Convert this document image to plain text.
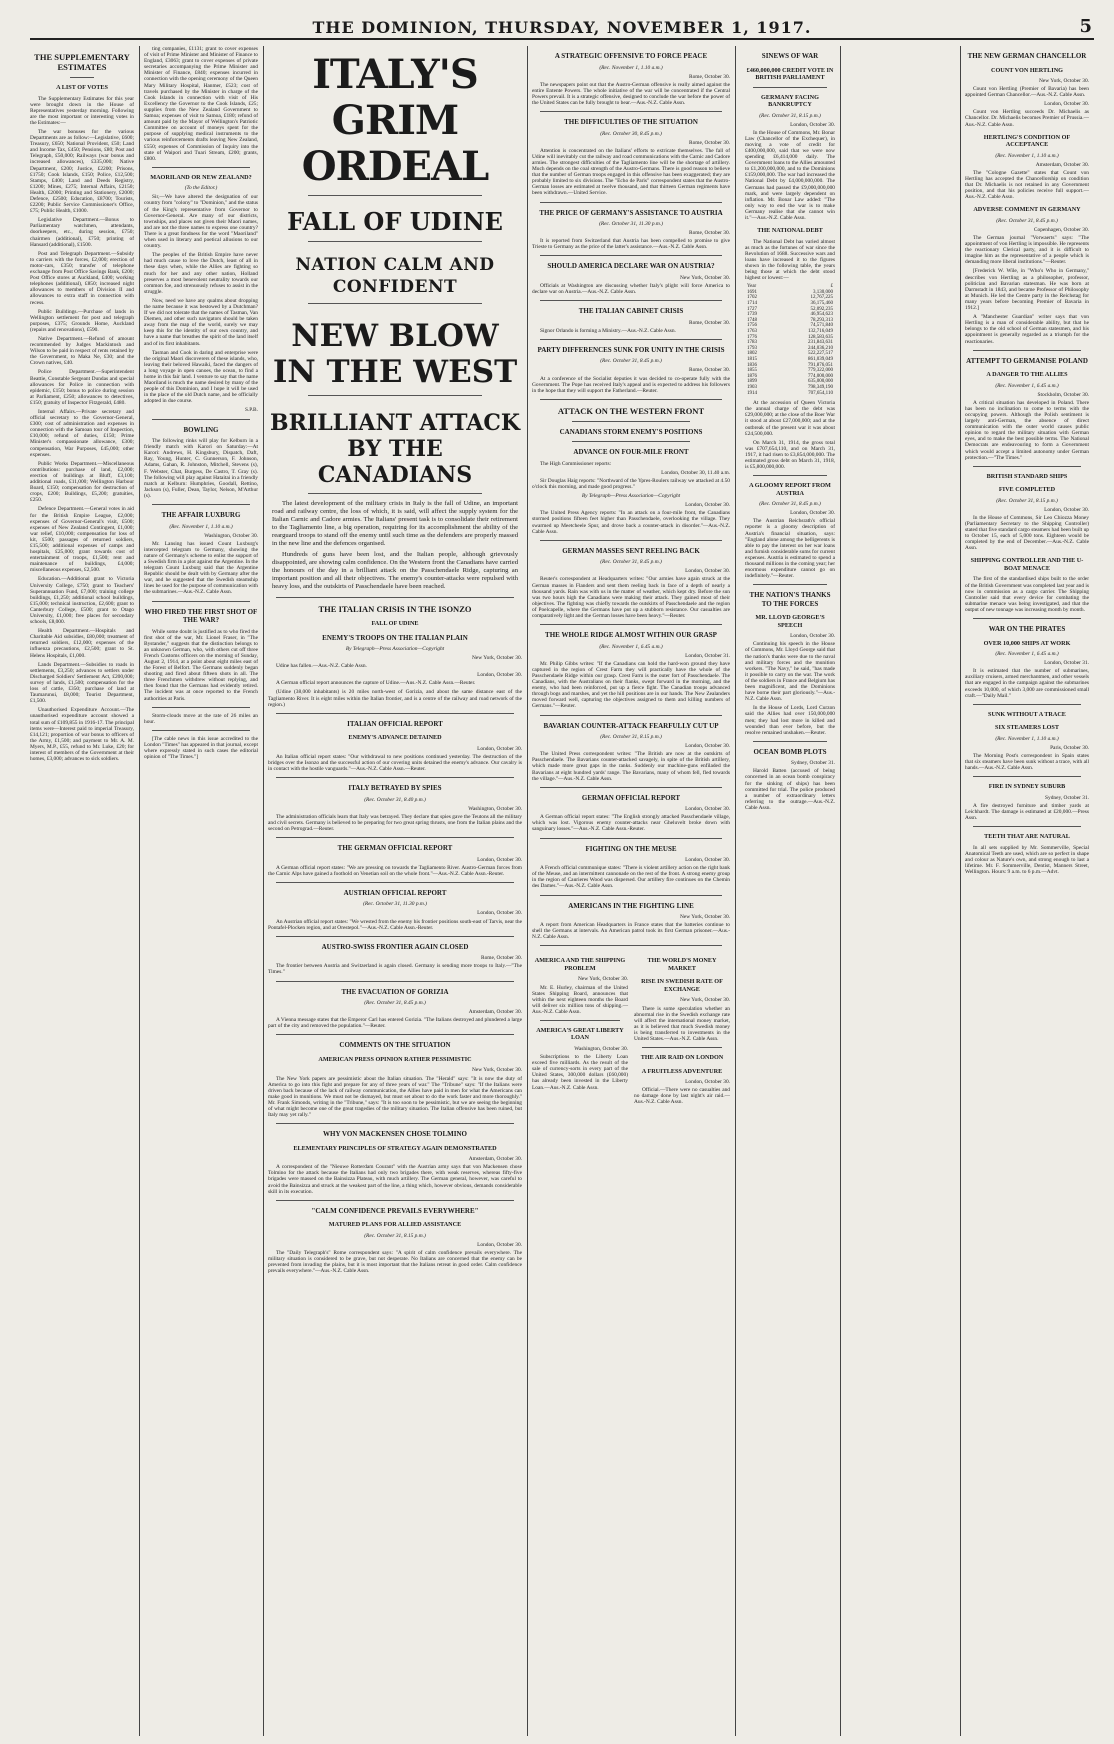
THE DOMINION, THURSDAY, NOVEMBER 1, 1917.	5
THE SUPPLEMENTARY ESTIMATES
A LIST OF VOTES

The Supplementary Estimates for this year were brought down in the House of Representatives yesterday morning. Following are the most important or interesting votes in the Estimates:—

The war bonuses for the various Departments are as follow:—Legislative, £600; Treasury, £650; National Provident, £50; Land and Income Tax, £450; Pensions, £80; Post and Telegraph, £50,000; Railways (war bonus and increased allowances), £335,000; Native Department, £200; Justice, £2200; Prisons, £1750; Cook Islands, £150; Police, £12,500; Stamps, £400; Land and Deeds Registry, £1200; Mines, £275; Internal Affairs, £2150; Health, £2000; Printing and Stationery, £2000; Defence, £2500; Education, £8700; Tourists, £2200; Public Service Commissioner's Office, £75; Public Health, £1000.

Legislative Department.—Bonus to Parliamentary watchmen, attendants, doorkeepers, etc., during session, £750; chairmen (additional), £750; printing of Hansard (additional), £1500.

Post and Telegraph Department.—Subsidy to carriers with the forces, £2,000; erection of motor-cars, £350; transfer of telephone exchange from Post Office Savings Bank, £200; Post Office stores at Auckland, £400; working telephones (additional), £850; increased night allowances to members of Division II and allowances to extra staff in connection with recess.

Public Buildings.—Purchase of lands in Wellington settlement for post and telegraph purposes, £375; Grounds Home, Auckland (repairs and renovations), £590.

Native Department.—Refund of amount recommended by Judges Mackintosh and Wilson to be paid in respect of rents retained by the Government, to Maka Ne, £30; and the Crown natives, £40.

Police Department.—Superintendent Beattie, Constable Sergeant Dundas and special allowances for Police in connection with epidemic, £150; bonus to police during session at Parliament, £250; allowances to detectives, £150; gratuity of Inspector Fitzgerald, £480.

Internal Affairs.—Private secretary and official secretary to the Governor-General, £300; cost of administration and expenses in connection with the Samoan tour of Inspection, £10,000; refund of duties, £150; Prime Minister's compassionate allowance, £300; compensation, War Purposes, £45,000; other expenses.

Public Works Department.—Miscellaneous contributions: purchase of land, £2,000; erection of buildings at Bluff, £3,100; additional roads, £11,000; Wellington Harbour Board, £150; compensation for destruction of crops, £200; Buildings, £5,200; gratuities, £250.

Defence Department.—General votes in aid for the British Empire League, £2,000; expenses of Governor-General's visit, £500; expenses of New Zealand Contingent, £1,000; war relief, £10,000; compensation for loss of kit, £500; passages of returned soldiers, £15,500; additional expenses of camps and hospitals, £25,000; grant towards cost of entertainment of troops, £1,500; rent and maintenance of buildings, £4,000; miscellaneous expenses, £2,500.

Education.—Additional grant to Victoria University College, £750; grant to Teachers' Superannuation Fund, £7,000; training college buildings, £1,250; additional school buildings, £15,000; technical instruction, £2,600; grant to Canterbury College, £500; grant to Otago University, £1,000; free places for secondary schools, £8,000.

Health Department.—Hospitals and Charitable Aid subsidies, £80,000; treatment of returned soldiers, £12,000; expenses of the influenza precautions, £2,500; grant to St. Helens Hospitals, £1,000.

Lands Department.—Subsidies to roads in settlements, £3,250; advances to settlers under Discharged Soldiers' Settlement Act, £200,000; survey of lands, £1,500; compensation for the loss of cattle, £350; purchase of land at Taumarunui, £8,000; Tourist Department, £1,500.

Unauthorised Expenditure Account.—The unauthorised expenditure account showed a total sum of £109,855 in 1916-17. The principal items were—Interest paid to imperial Treasury, £14,121; proportion of war bonus to officers of the Army, £1,500; and payment to Mr. A. M. Myers, M.P., £55, refund to Mr. Luke, £20; for interest of members of the Government at their homes, £3,000; advances to sick soldiers.

ting companies, £1131; grant to cover expenses of visit of Prime Minister and Minister of Finance to England, £3063; grant to cover expenses of private secretaries accompanying the Prime Minister and Minister of Finance, £840; expenses incurred in connection with the opening ceremony of the Queen Mary Military Hospital, Hanmer, £523; cost of travels purchased by the Minister in charge of the Cook Islands in connection with visit of His Excellency the Governor to the Cook Islands, £25; supplies from the New Zealand Government to Samoa; expenses of visit to Samoa, £180; refund of amount paid by the Mayor of Wellington's Patriotic Committee on account of moneys spent for the purpose of supplying medical instruments to the various reinforcements drafts leaving New Zealand, £550; expenses of Commission of Inquiry into the state of Waipori and Tuari Stream, £200; grants, £800.

MAORILAND OR NEW ZEALAND?
(To the Editor.)

Sir,—We have altered the designation of our country from "colony" to "Dominion," and the status of the King's representative from Governor to Governor-General. Are many of our districts, townships, and places not given their Maori names, and are not the three names to express one country? There is a great fondness for the word "Maoriland" when used in literary and poetical allusions to our country.

The peoples of the British Empire have never had much cause to love the Dutch, least of all in these days when, while the Allies are fighting so much for her and any other nation, Holland preserves a most benevolent neutrality towards our common foe, and strenuously refuses to assist in the struggle.

Now, need we have any qualms about dropping the name because it was bestowed by a Dutchman? If we did not tolerate that the names of Tasman, Van Diemen, and other such navigators should be taken away from the map of the world, surely we may keep this for the identity of our own country, and have a name that breathes the spirit of the land itself and of its first inhabitants.

Tasman and Cook in daring and enterprise were the original Maori discoverers of these islands, who, leaving their beloved Hawaiki, faced the dangers of a long voyage in open canoes, the ocean, to find a home in this fair land. I venture to say that the name Maoriland is much the name desired by many of the people of this Dominion, and I hope it will be used in the place of the old Dutch name, and be officially adopted in due course.

S.P.B.
BOWLING

The following rinks will play for Kelburn in a friendly match with Karori on Saturday:—At Karori: Andrews, H. Kingsbury, Dispatch, Daft, Ray, Young, Hunter, C. Gunnerson, F. Johnson, Adams, Gahan, R. Johnston, Mitchell, Stevens (s), F. Webster, Chat, Burgess, De Castro, T. Gray (s). The following will play against Hataitai in a friendly match at Kelburn: Humphries, Goodall, Rettino, Jackson (s), Fuller, Dean, Taylor, Nelson, M'Arthur (s).

THE AFFAIR LUXBURG
(Rec. November 1, 1.10 a.m.)
Washington, October 30.

Mr. Lansing has issued Count Luxburg's intercepted telegram to Germany, showing the nature of Germany's scheme to enlist the support of a Swedish firm in a plot against the Argentine. In the telegram Count Luxburg said that the Argentine Republic should be dealt with by Germany after the war, and he suggested that the Swedish steamship lines be used for the purpose of communication with the submarines.—Aus.-N.Z. Cable Assn.

WHO FIRED THE FIRST SHOT OF THE WAR?

While some doubt is justified as to who fired the first shot of the war, Mr. Lionel Fraser, in "The Bystander," suggests that the distinction belongs to an unknown German, who, with others cut off three French Customs officers on the morning of Sunday, August 2, 1914, at a point about eight miles east of the Forest of Belfort. The Germans suddenly began shooting and fired about fifteen shots in all. The three Frenchmen withdrew without replying, and then found that the Germans had evidently retired. The incident was at once reported to the French authorities at Paris.

Storm-clouds move at the rate of 26 miles an hour.

[The cable news in this issue accredited to the London "Times" has appeared in that journal, except where expressly stated in such cases the editorial opinion of "The Times."]

ITALY'S GRIM ORDEAL
FALL OF UDINE
NATION CALM AND CONFIDENT
NEW BLOW IN THE WEST
BRILLIANT ATTACK BY THE CANADIANS

The latest development of the military crisis in Italy is the fall of Udine, an important road and railway centre, the loss of which, it is said, will affect the supply system for the Italian Carnic and Cadore armies. The Italians' present task is to consolidate their retirement to the Tagliamento line, a big operation, requiring for its accomplishment the ability of the rearguard troops to stand off the enemy until such time as the defenders are properly massed in the new line and the defences organised.

Hundreds of guns have been lost, and the Italian people, although grievously disappointed, are showing calm confidence. On the Western front the Canadians have carried the honours of the day in a brilliant attack on the Passchendaele Ridge, capturing an important position and all their objectives. The enemy's counter-attacks were repulsed with heavy loss, and the outskirts of Passchendaele have been reached.

THE ITALIAN CRISIS IN THE ISONZO
FALL OF UDINE
ENEMY'S TROOPS ON THE ITALIAN PLAIN
By Telegraph—Press Association—Copyright
New York, October 30.

Udine has fallen.—Aus.-N.Z. Cable Assn.

London, October 30.

A German official report announces the capture of Udine.—Aus.-N.Z. Cable Assn.—Reuter.

(Udine (38,000 inhabitants) is 20 miles north-west of Gorizia, and about the same distance east of the Tagliamento River. It is eight miles within the Italian frontier, and is a centre of the railway and road network of the region.)

ITALIAN OFFICIAL REPORT
ENEMY'S ADVANCE DETAINED
London, October 30.

An Italian official report states: "Our withdrawal to new positions continued yesterday. The destruction of the bridges over the Isonzo and the successful action of our covering units detained the enemy's advance. Our cavalry is in contact with the hostile vanguards."—Aus.-N.Z. Cable Assn.—Reuter.

ITALY BETRAYED BY SPIES
(Rec. October 31, 8.40 p.m.)
Washington, October 30.

The administration officials learn that Italy was betrayed. They declare that spies gave the Teutons all the military and civil secrets. Germany is believed to be preparing for two great spring thrusts, one from the Italian plains and the second on Petrograd.—Reuter.

THE GERMAN OFFICIAL REPORT
London, October 30.

A German official report states: "We are pressing on towards the Tagliamento River. Austro-German forces from the Carnic Alps have gained a foothold on Venetian soil on the whole front."—Aus.-N.Z. Cable Assn.-Reuter.

AUSTRIAN OFFICIAL REPORT
(Rec. October 31, 11.30 p.m.)
London, October 30.

An Austrian official report states: "We wrested from the enemy his frontier positions south-east of Tarvis, near the Pontafel-Plocken region, and at Orestepol."—Aus.-N.Z. Cable Assn.-Reuter.

AUSTRO-SWISS FRONTIER AGAIN CLOSED
Rome, October 30.

The frontier between Austria and Switzerland is again closed. Germany is sending more troops to Italy.—"The Times."

THE EVACUATION OF GORIZIA
(Rec. October 31, 8.45 p.m.)
Amsterdam, October 30.

A Vienna message states that the Emperor Carl has entered Gorizia. "The Italians destroyed and plundered a large part of the city and removed the population."—Reuter.

COMMENTS ON THE SITUATION
AMERICAN PRESS OPINION RATHER PESSIMISTIC
New York, October 30.

The New York papers are pessimistic about the Italian situation. The "Herald" says: "It is now the duty of America to go into this fight and prepare for any of three years of war." The "Tribune" says: "If the Italians were driven back because of the lack of railway communication, the Allies have paid in men for what the Americans can make good in munitions. We must not be dismayed, but must set about to do the work faster and more thoroughly." Mr. Frank Simonds, writing in the "Tribune," says: "It is too soon to be pessimistic, but we are seeing the beginning of what might become one of the great tragedies of the military situation. The Italian offensive has been ruined, but Italy may yet rally."

WHY VON MACKENSEN CHOSE TOLMINO
ELEMENTARY PRINCIPLES OF STRATEGY AGAIN DEMONSTRATED
Amsterdam, October 30.

A correspondent of the "Nieuwe Rotterdam Courant" with the Austrian army says that von Mackensen chose Tolmino for the attack because the Italians had only two brigades there, with weak reserves, whereas fifty-five brigades were massed on the Bainsizza Plateau, with much artillery. The German general, however, was careful to avoid the Bainsizza and struck at the weakest part of the line, a thing which, however obvious, demands considerable skill in its execution.

"CALM CONFIDENCE PREVAILS EVERYWHERE"
MATURED PLANS FOR ALLIED ASSISTANCE
(Rec. October 31, 8.15 p.m.)
London, October 30.

The "Daily Telegraph's" Rome correspondent says: "A spirit of calm confidence prevails everywhere. The military situation is considered to be grave, but not desperate. No Italians are concerned that the enemy can be prevented from invading the plains, but it is most important that the Italians retreat in good order. Calm confidence prevails everywhere."—Aus.-N.Z. Cable Assn.

A STRATEGIC OFFENSIVE TO FORCE PEACE
(Rec. November 1, 1.10 a.m.)
Rome, October 30.

The newspapers point out that the Austro-German offensive is really aimed against the entire Entente Powers. The whole initiative of the war will be concentrated if the Central Powers prevail. It is a strategic offensive, designed to conclude the war before the power of the United States can be fully brought to bear.—Aus.-N.Z. Cable Assn.

THE DIFFICULTIES OF THE SITUATION
(Rec. October 30, 8.45 p.m.)
Rome, October 30.

Attention is concentrated on the Italians' efforts to extricate themselves. The fall of Udine will inevitably cut the railway and road communications with the Carnic and Cadore armies. The strongest difficulties of the Tagliamento line will be the shortage of artillery. Much depends on the coal strength of the Austro-Germans. There is good reason to believe that the number of German troops engaged in this offensive has been exaggerated; they are probably limited to six divisions. The "Echo de Paris" correspondent states that the Austro-German losses are estimated at twelve thousand, and that thirteen German regiments have been withdrawn.—United Service.

THE PRICE OF GERMANY'S ASSISTANCE TO AUSTRIA
(Rec. October 31, 11.30 p.m.)
Rome, October 30.

It is reported from Switzerland that Austria has been compelled to promise to give Trieste to Germany as the price of the latter's assistance.—Aus.-N.Z. Cable Assn.

SHOULD AMERICA DECLARE WAR ON AUSTRIA?
New York, October 30.

Officials at Washington are discussing whether Italy's plight will force America to declare war on Austria.—Aus.-N.Z. Cable Assn.

THE ITALIAN CABINET CRISIS
Rome, October 30.

Signor Orlando is forming a Ministry.—Aus.-N.Z. Cable Assn.

PARTY DIFFERENCES SUNK FOR UNITY IN THE CRISIS
(Rec. October 31, 8.45 p.m.)
Rome, October 30.

At a conference of the Socialist deputies it was decided to co-operate fully with the Government. The Pope has received Italy's appeal and is expected to address his followers in the hope that they will support the Fatherland.—Reuter.

ATTACK ON THE WESTERN FRONT
CANADIANS STORM ENEMY'S POSITIONS
ADVANCE ON FOUR-MILE FRONT

The High Commissioner reports:

London, October 30, 11.40 a.m.

Sir Douglas Haig reports: "Northward of the Ypres-Roulers railway we attacked at 4.50 o'clock this morning, and made good progress."

By Telegraph—Press Association—Copyright
London, October 30.

The United Press Agency reports: "In an attack on a four-mile front, the Canadians stormed positions fifteen feet higher than Passchendaele, overlooking the village. They swarmed up Meetcheele Spur, and drove back a counter-attack in disorder."—Aus.-N.Z. Cable Assn.

GERMAN MASSES SENT REELING BACK
(Rec. October 31, 8.45 p.m.)
London, October 30.

Reuter's correspondent at Headquarters writes: "Our armies have again struck at the German masses in Flanders and sent them reeling back in face of a depth of nearly a thousand yards. Rain was with us in the matter of weather, which kept dry. Before the sun was two hours high the Canadians were making their attack. They gained most of their objectives. The fighting was chiefly towards the outskirts of Passchendaele and the region of Poelcapelle, where the Germans have put up a stubborn resistance. Our casualties are comparatively light and the German losses have been heavy."—Reuter.

THE WHOLE RIDGE ALMOST WITHIN OUR GRASP
(Rec. November 1, 6.45 a.m.)
London, October 31.

Mr. Philip Gibbs writes: "If the Canadians can hold the hard-won ground they have captured in the region of Crest Farm they will practically have the whole of the Passchendaele Ridge within our grasp. Crest Farm is the outer fort of Passchendaele. The Canadians, with the Australians on their flanks, swept forward in the morning, and the enemy, who had been reinforced, put up a fierce fight. The Canadian troops advanced through bogs and marshes, and yet the hill positions are in our hands. The New Zealanders moved forward well, capturing the objectives assigned to them and killing numbers of Germans."—Reuter.

BAVARIAN COUNTER-ATTACK FEARFULLY CUT UP
(Rec. October 31, 8.15 p.m.)
London, October 30.

The United Press correspondent writes: "The British are now at the outskirts of Passchendaele. The Bavarians counter-attacked savagely, in spite of the British artillery, which made more great gaps in the ranks. Suddenly our machine-guns enfiladed the Bavarians at eight hundred yards' range. The Bavarians, many of whom fell, fled towards the village."—Aus.-N.Z. Cable Assn.

GERMAN OFFICIAL REPORT
London, October 30.

A German official report states: "The English strongly attacked Passchendaele village, which was lost. Vigorous enemy counter-attacks near Gheluvelt broke down with sanguinary losses."—Aus.-N.Z. Cable Assn.-Reuter.

FIGHTING ON THE MEUSE
London, October 30.

A French official communique states: "There is violent artillery action on the right bank of the Meuse, and an intermittent cannonade on the rest of the front. A strong enemy group in the region of Caurieres Wood was dispersed. Our artillery fire continues on the Chemin des Dames."—Aus.-N.Z. Cable Assn.

AMERICANS IN THE FIGHTING LINE
New York, October 30.

A report from American Headquarters in France states that the batteries continue to shell the Germans at intervals. An American patrol took its first German prisoner.—Aus.-N.Z. Cable Assn.

AMERICA AND THE SHIPPING PROBLEM
New York, October 30.

Mr. E. Hurley, chairman of the United States Shipping Board, announces that within the next eighteen months the Board will deliver six million tons of shipping.—Aus.-N.Z. Cable Assn.

AMERICA'S GREAT LIBERTY LOAN
Washington, October 30.

Subscriptions to the Liberty Loan exceed five milliards. As the result of the sale of currency-sorts in every part of the United States, 300,000 dollars (£60,000) has already been invested in the Liberty Loan.—Aus.-N.Z. Cable Assn.

THE WORLD'S MONEY MARKET
RISE IN SWEDISH RATE OF EXCHANGE
New York, October 30.

There is some speculation whether an abnormal rise in the Swedish exchange rate will affect the international money market, as it is believed that much Swedish money is being transferred to investments in the United States.—Aus.-N.Z. Cable Assn.

THE AIR RAID ON LONDON
A FRUITLESS ADVENTURE
London, October 30.

Official.—There were no casualties and no damage done by last night's air raid.—Aus.-N.Z. Cable Assn.

SINEWS OF WAR
£460,000,000 CREDIT VOTE IN BRITISH PARLIAMENT
GERMANY FACING BANKRUPTCY
(Rec. October 31, 8.15 p.m.)
London, October 30.

In the House of Commons, Mr. Bonar Law (Chancellor of the Exchequer), in moving a vote of credit for £400,000,000, said that we were now spending £6,414,000 daily. The Government loans to the Allies amounted to £1,200,000,000, and to the Dominions £159,000,000. The war had increased the National Debt by £4,000,000,000. The Germans had passed the £9,000,000,000 mark, and were largely dependent on inflation. Mr. Bonar Law added: "The only way to end the war is to make Germany realise that she cannot win it."—Aus.-N.Z. Cable Assn.

THE NATIONAL DEBT

The National Debt has varied almost as much as the fortunes of war since the Revolution of 1688. Successive wars and loans have increased it to the figures shown in the following table, the years being those at which the debt stood highest or lowest:—

Year	£
1691	3,130,000
1702	12,767,225
1714	36,175,460
1727	52,092,235
1739	46,954,623
1748	78,293,313
1756	74,571,840
1763	132,716,049
1776	128,583,635
1783	231,843,631
1793	244,036,210
1802	522,227,517
1815	861,039,049
1836	791,876,051
1855	779,322,000
1876	774,000,000
1899	635,000,000
1903	798,349,190
1914	707,654,110

At the accession of Queen Victoria the annual charge of the debt was £29,000,000; at the close of the Boer War it stood at about £27,000,000; and at the outbreak of the present war it was about £24,500,000.

On March 31, 1914, the gross total was £707,654,110, and on March 31, 1917, it had risen to £3,854,000,000. The estimated gross debt on March 31, 1918, is £5,800,000,000.

A GLOOMY REPORT FROM AUSTRIA
(Rec. October 31, 8.45 p.m.)
London, October 30.

The Austrian Reichsrath's official reporter is a gloomy description of Austria's financial situation, says: "England alone among the belligerents is able to pay the interest on her war loans and furnish considerable sums for current expenses. Austria is estimated to spend a thousand millions in the coming year; her enormous expenditure cannot go on indefinitely."—Reuter.

THE NATION'S THANKS TO THE FORCES
MR. LLOYD GEORGE'S SPEECH
London, October 30.

Continuing his speech in the House of Commons, Mr. Lloyd George said that the nation's thanks were due to the naval and military forces and the munition workers. "The Navy," he said, "has made it possible to carry on the war. The work of the soldiers in France and Belgium has been magnificent, and the Dominions have borne their part gloriously."—Aus.-N.Z. Cable Assn.

In the House of Lords, Lord Curzon said the Allies had over 150,000,000 men; they had lost more in killed and wounded than ever before, but the resolve remained unshaken.—Reuter.

OCEAN BOMB PLOTS
Sydney, October 31.

Harold Batten (accused of being concerned in an ocean bomb conspiracy for the sinking of ships) has been committed for trial. The police produced a number of extraordinary letters referring to the outrage.—Aus.-N.Z. Cable Assn.

THE NEW GERMAN CHANCELLOR
COUNT VON HERTLING
New York, October 30.

Count von Hertling (Premier of Bavaria) has been appointed German Chancellor.—Aus.-N.Z. Cable Assn.

London, October 30.

Count von Hertling succeeds Dr. Michaelis as Chancellor. Dr. Michaelis becomes Premier of Prussia.—Aus.-N.Z. Cable Assn.

HERTLING'S CONDITION OF ACCEPTANCE
(Rec. November 1, 1.10 a.m.)
Amsterdam, October 30.

The "Cologne Gazette" states that Count von Hertling has accepted the Chancellorship on condition that Dr. Michaelis is not retained in any Government position, and that his policies receive full support.—Aus.-N.Z. Cable Assn.

ADVERSE COMMENT IN GERMANY
(Rec. October 31, 8.45 p.m.)
Copenhagen, October 30.

The German journal "Vorwaerts" says: "The appointment of von Hertling is impossible. He represents the reactionary Clerical party, and it is difficult to imagine him as the representative of a people which is demanding more liberal institutions."—Reuter.

[Frederick W. Wile, in "Who's Who in Germany," describes von Hertling as a philosopher, professor, politician and Bavarian statesman. He was born at Darmstadt in 1843, and became Professor of Philosophy at Munich. He led the Centre party in the Reichstag for many years before becoming Premier of Bavaria in 1912.]

A "Manchester Guardian" writer says that von Hertling is a man of considerable ability, but that he belongs to the old school of German statesmen, and his appointment is generally regarded as a triumph for the reactionaries.

ATTEMPT TO GERMANISE POLAND
A DANGER TO THE ALLIES
(Rec. November 1, 6.45 a.m.)
Stockholm, October 30.

A critical situation has developed in Poland. There has been no inclination to come to terms with the occupying powers. Although the Polish sentiment is largely anti-German, the absence of direct communication with the outer world causes public opinion to regard the military situation with German eyes, and to make the best possible terms. The National Democrats are endeavouring to form a Government which would accept a limited autonomy under German protection.—"The Times."

BRITISH STANDARD SHIPS
FIVE COMPLETED
(Rec. October 31, 8.15 p.m.)
London, October 30.

In the House of Commons, Sir Leo Chiozza Money (Parliamentary Secretary to the Shipping Controller) stated that five standard cargo steamers had been built up to October 15, each of 5,000 tons. Eighteen would be completed by the end of December.—Aus.-N.Z. Cable Assn.

SHIPPING CONTROLLER AND THE U-BOAT MENACE

The first of the standardised ships built to the order of the British Government was completed last year and is now in commission as a cargo carrier. The Shipping Controller said that every device for combating the submarine menace was being investigated, and that the output of new tonnage was increasing month by month.

WAR ON THE PIRATES
OVER 10,000 SHIPS AT WORK
(Rec. November 1, 6.45 a.m.)
London, October 31.

It is estimated that the number of submarines, auxiliary cruisers, armed merchantmen, and other vessels that are engaged in the campaign against the submarines exceeds 10,000, of which 3,000 are commissioned small craft.—"Daily Mail."

SUNK WITHOUT A TRACE
SIX STEAMERS LOST
(Rec. November 1, 1.10 a.m.)
Paris, October 30.

The Morning Post's correspondent in Spain states that six steamers have been sunk without a trace, with all hands.—Aus.-N.Z. Cable Assn.

FIRE IN SYDNEY SUBURB
Sydney, October 31.

A fire destroyed furniture and timber yards at Leichhardt. The damage is estimated at £20,000.—Press Assn.

TEETH THAT ARE NATURAL

In all sets supplied by Mr. Sommerville, Special Anatomical Teeth are used, which are so perfect in shape and colour as Nature's own, and strong enough to last a lifetime. Mr. F. Sommerville, Dentist, Manners Street, Wellington. Hours: 9 a.m. to 6 p.m.—Advt.
